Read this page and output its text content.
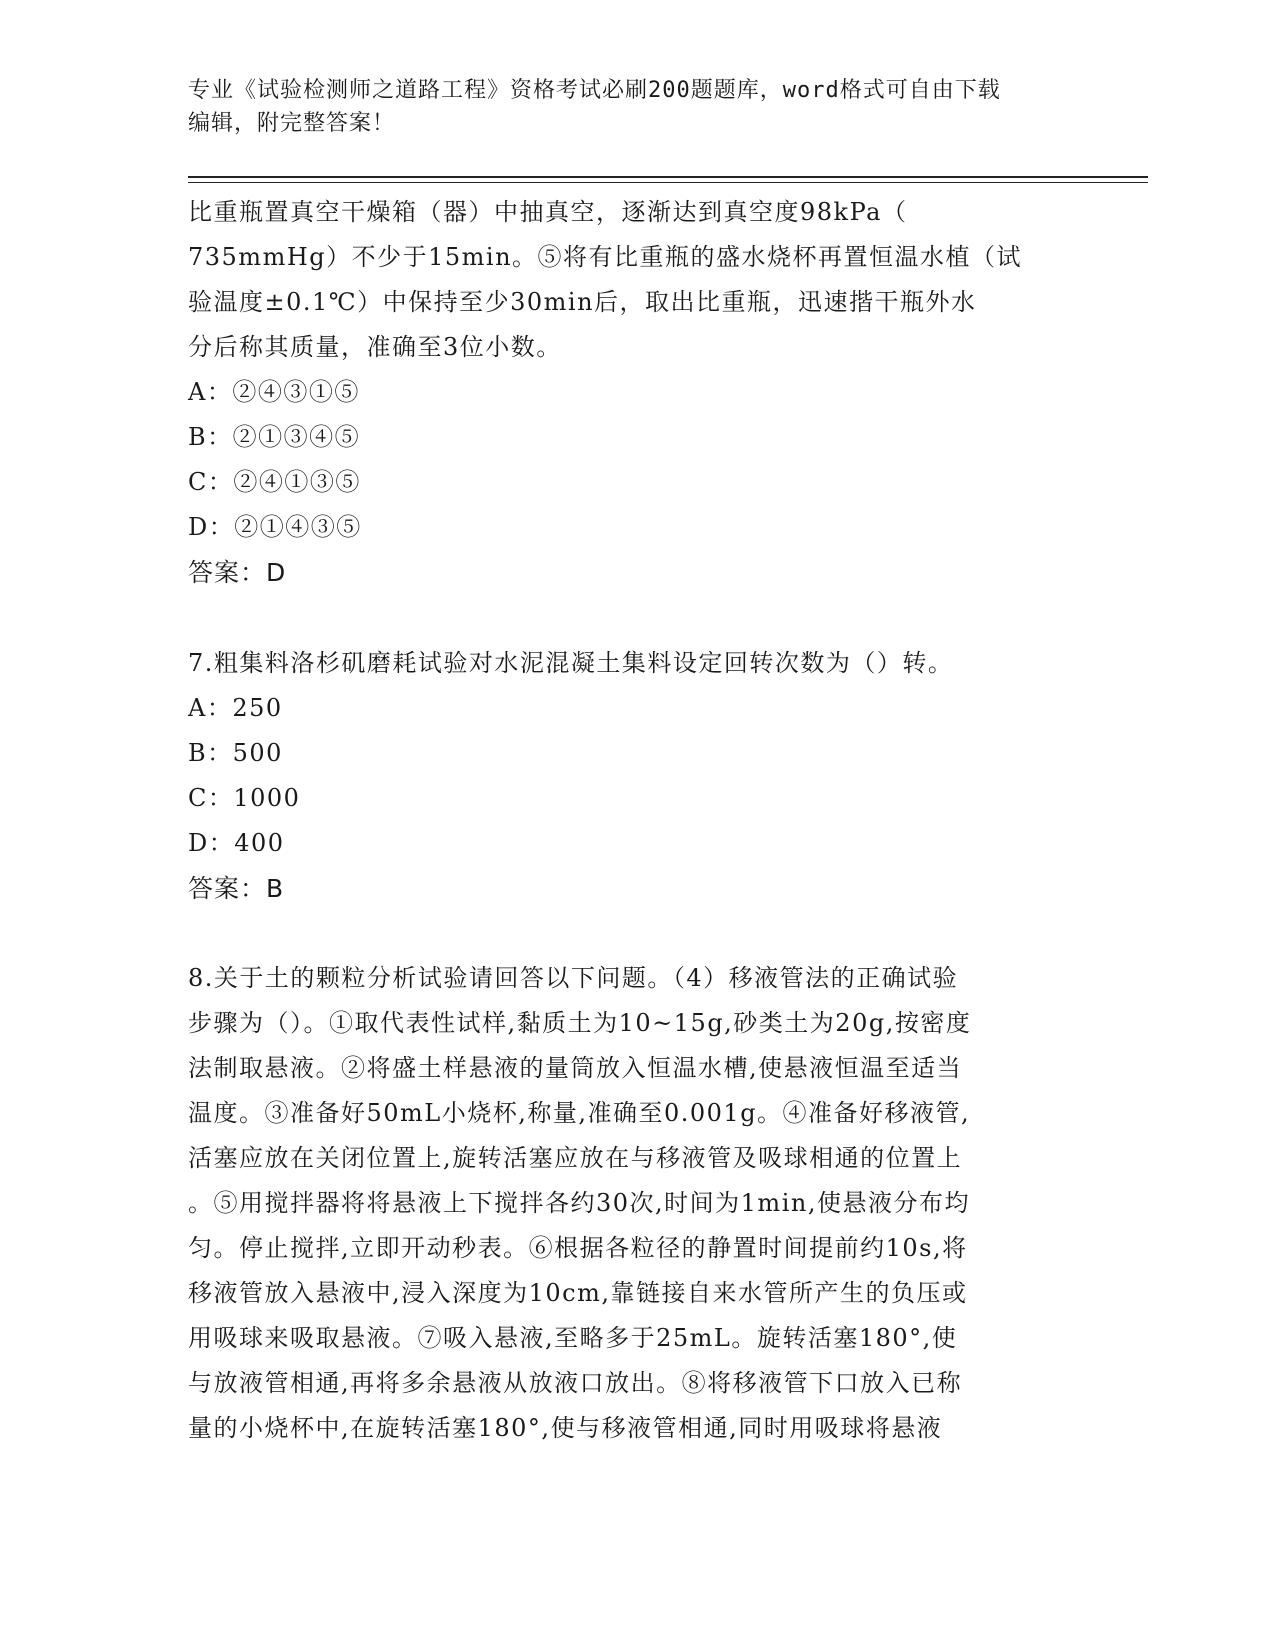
专业《试验检测师之道路工程》资格考试必刷200题题库，word格式可自由下载
编辑，附完整答案！
比重瓶置真空干燥箱（器）中抽真空，逐渐达到真空度98kPa（
735mmHg）不少于15min。⑤将有比重瓶的盛水烧杯再置恒温水植（试
验温度±0.1℃）中保持至少30min后，取出比重瓶，迅速揩干瓶外水
分后称其质量，准确至3位小数。
A：②④③①⑤
B：②①③④⑤
C：②④①③⑤
D：②①④③⑤
答案：D
7.粗集料洛杉矶磨耗试验对水泥混凝土集料设定回转次数为（）转。
A：250
B：500
C：1000
D：400
答案：B
8.关于土的颗粒分析试验请回答以下问题。（4）移液管法的正确试验
步骤为（）。①取代表性试样,黏质土为10~15g,砂类土为20g,按密度
法制取悬液。②将盛土样悬液的量筒放入恒温水槽,使悬液恒温至适当
温度。③准备好50mL小烧杯,称量,准确至0.001g。④准备好移液管,
活塞应放在关闭位置上,旋转活塞应放在与移液管及吸球相通的位置上
。⑤用搅拌器将将悬液上下搅拌各约30次,时间为1min,使悬液分布均
匀。停止搅拌,立即开动秒表。⑥根据各粒径的静置时间提前约10s,将
移液管放入悬液中,浸入深度为10cm,靠链接自来水管所产生的负压或
用吸球来吸取悬液。⑦吸入悬液,至略多于25mL。旋转活塞180°,使
与放液管相通,再将多余悬液从放液口放出。⑧将移液管下口放入已称
量的小烧杯中,在旋转活塞180°,使与移液管相通,同时用吸球将悬液
